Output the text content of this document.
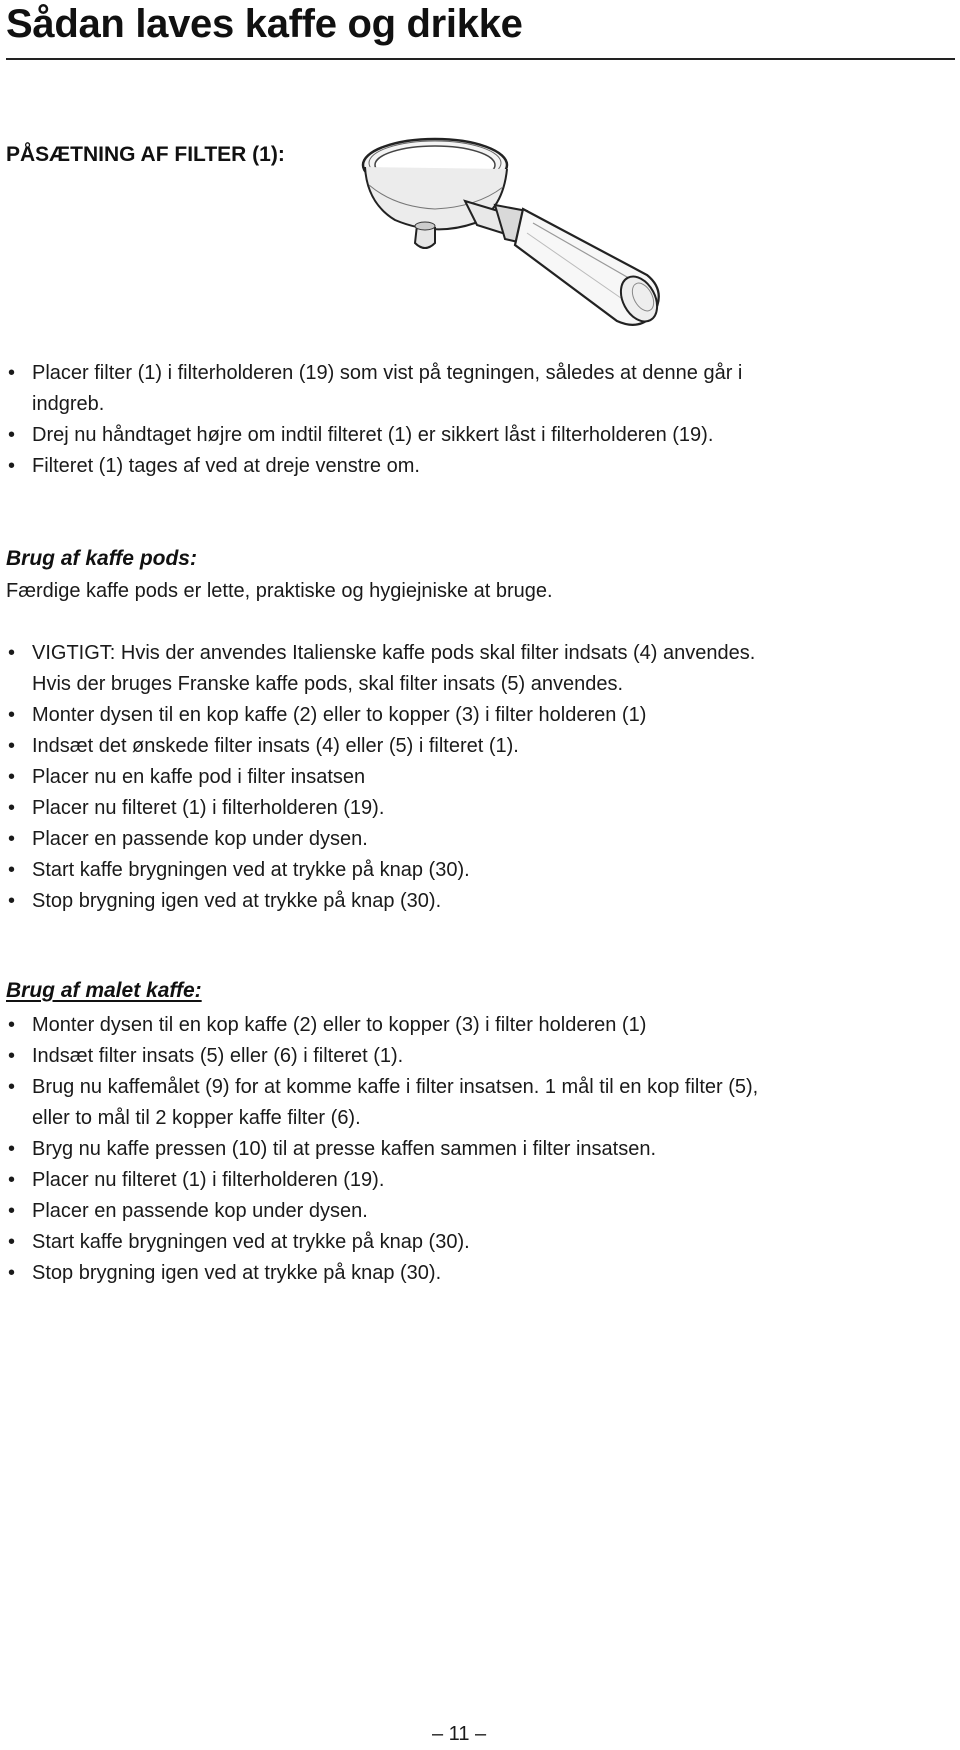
Sådan laves kaffe og drikke
PÅSÆTNING AF FILTER (1):
• Placer filter (1) i filterholderen (19) som vist på tegningen, således at denne går i
indgreb.
• Drej nu håndtaget højre om indtil filteret (1) er sikkert låst i filterholderen (19).
• Filteret (1) tages af ved at dreje venstre om.
Brug af kaffe pods:

Færdige kaffe pods er lette, praktiske og hygiejniske at bruge.

• VIGTIGT: Hvis der anvendes Italienske kaffe pods skal filter indsats (4) anvendes.
Hvis der bruges Franske kaffe pods, skal filter insats (5) anvendes.
• Monter dysen til en kop kaffe (2) eller to kopper (3) i filter holderen (1)
• Indsæt det ønskede filter insats (4) eller (5) i filteret (1).
• Placer nu en kaffe pod i filter insatsen
• Placer nu filteret (1) i filterholderen (19).
• Placer en passende kop under dysen.
• Start kaffe brygningen ved at trykke på knap (30).
• Stop brygning igen ved at trykke på knap (30).
Brug af malet kaffe:
• Monter dysen til en kop kaffe (2) eller to kopper (3) i filter holderen (1)
• Indsæt filter insats (5) eller (6) i filteret (1).
• Brug nu kaffemålet (9) for at komme kaffe i filter insatsen. 1 mål til en kop filter (5),
eller to mål til 2 kopper kaffe filter (6).
• Bryg nu kaffe pressen (10) til at presse kaffen sammen i filter insatsen.
• Placer nu filteret (1) i filterholderen (19).
• Placer en passende kop under dysen.
• Start kaffe brygningen ved at trykke på knap (30).
• Stop brygning igen ved at trykke på knap (30).
– 11 –
